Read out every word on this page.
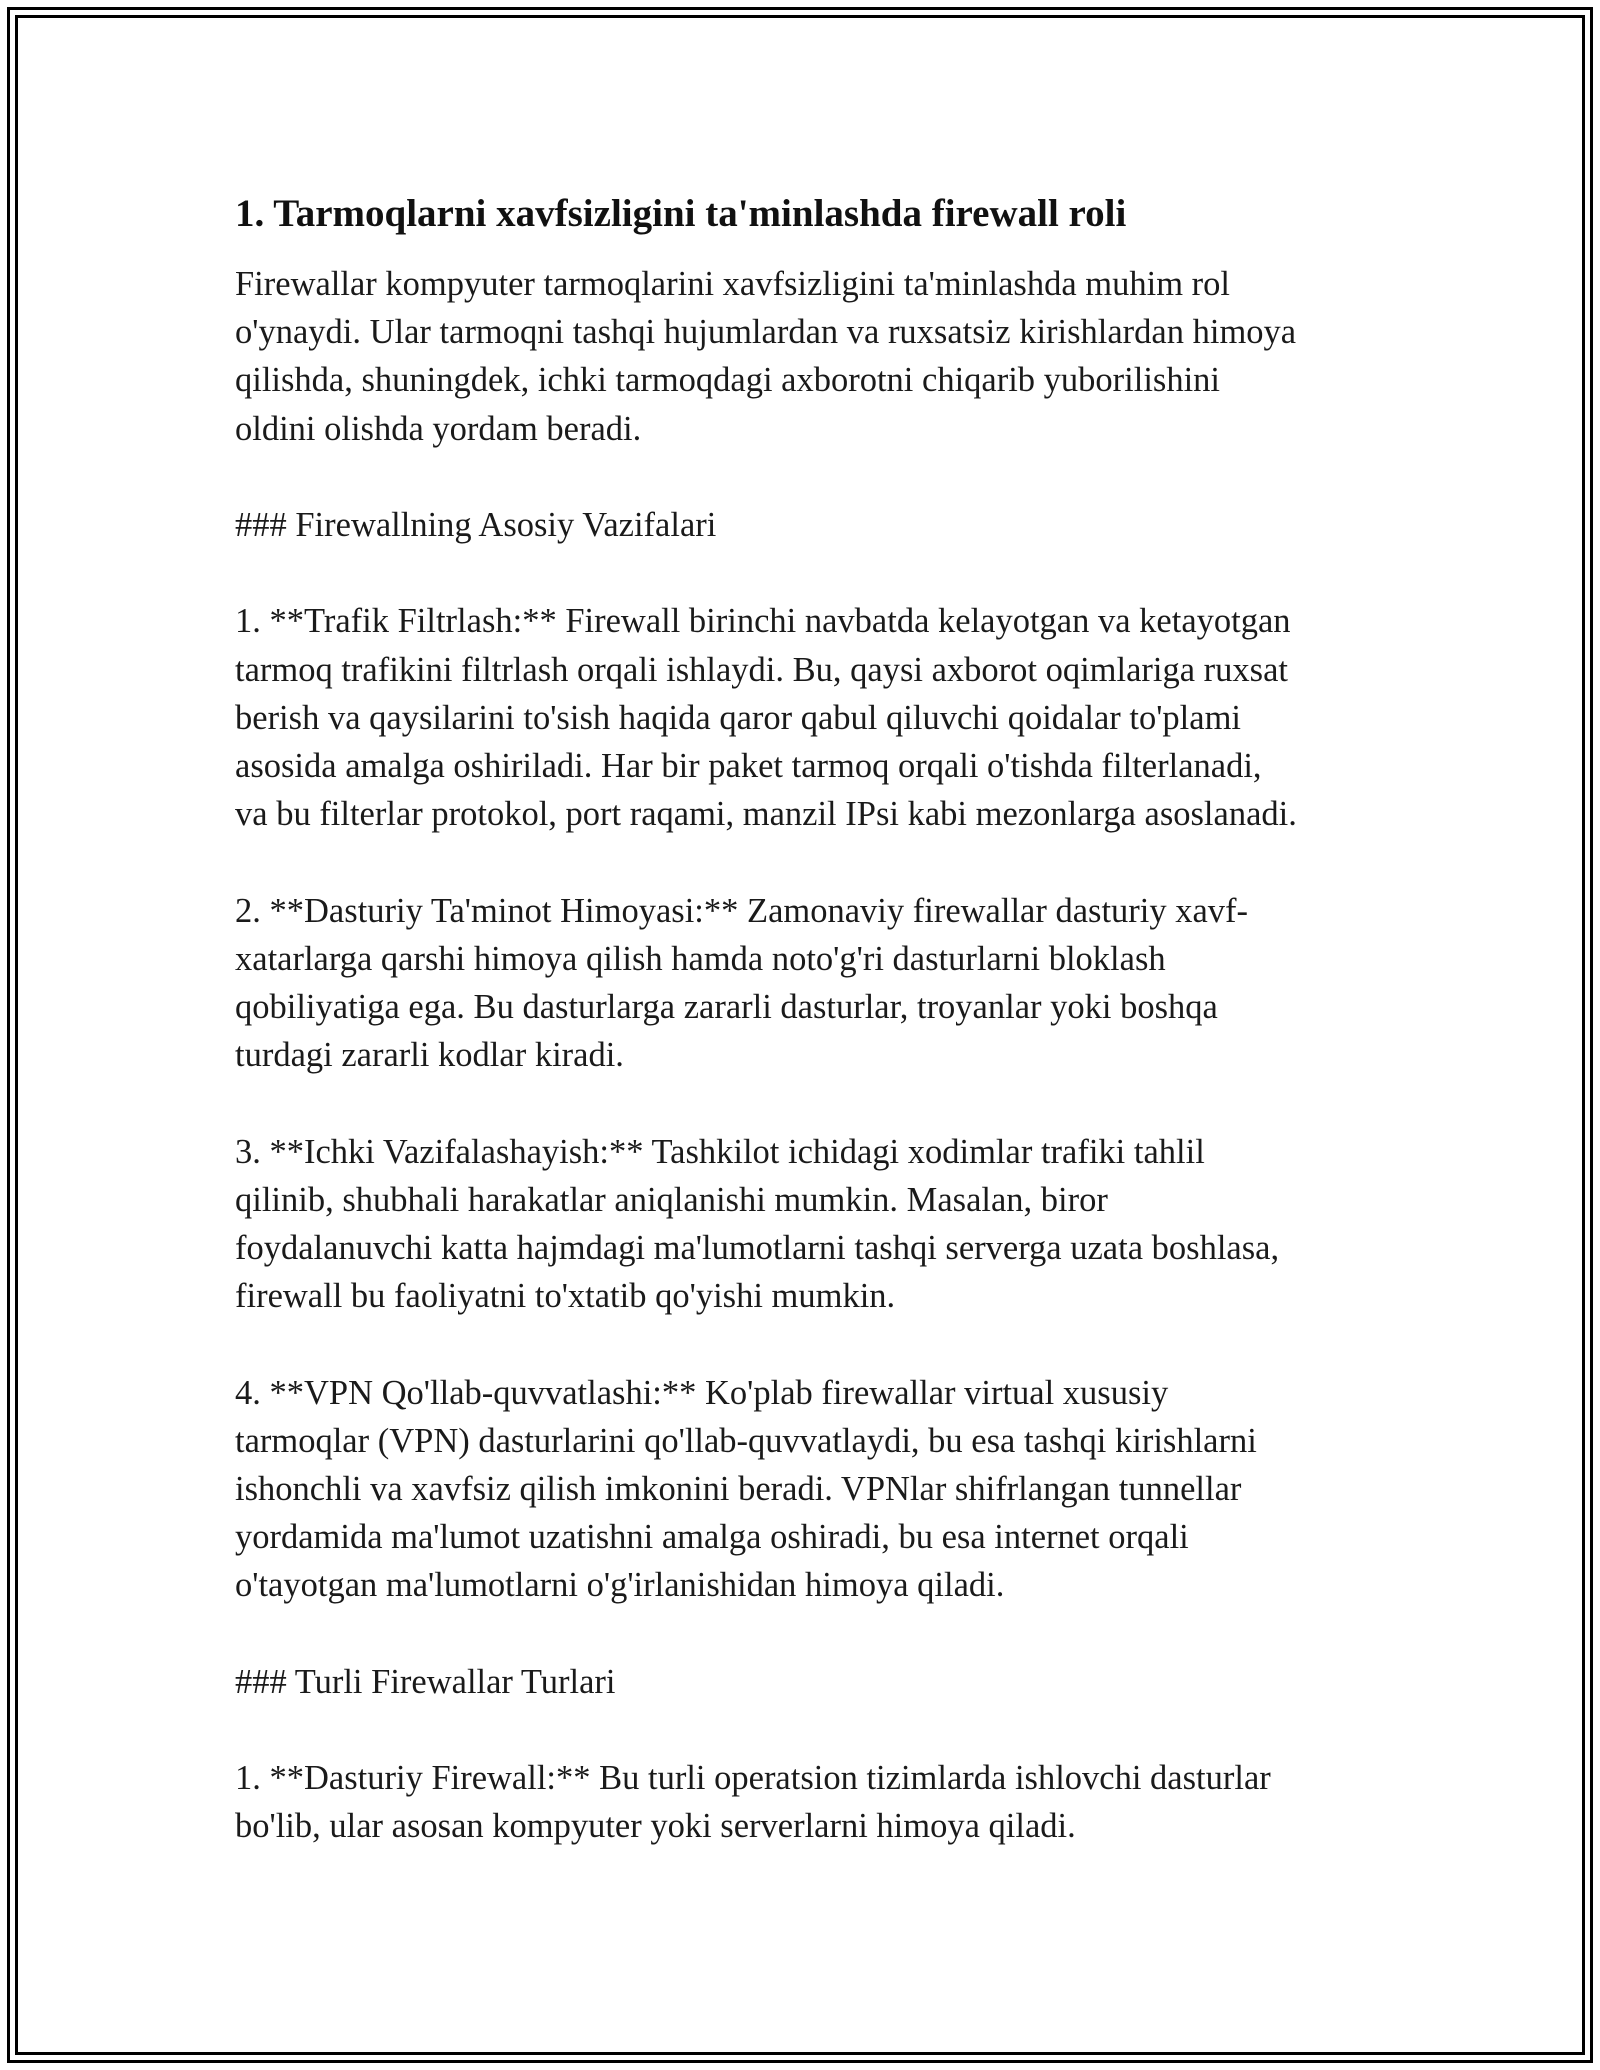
1. Tarmoqlarni xavfsizligini ta'minlashda firewall roli

Firewallar kompyuter tarmoqlarini xavfsizligini ta'minlashda muhim rol

o'ynaydi. Ular tarmoqni tashqi hujumlardan va ruxsatsiz kirishlardan himoya

qilishda, shuningdek, ichki tarmoqdagi axborotni chiqarib yuborilishini

oldini olishda yordam beradi.

### Firewallning Asosiy Vazifalari

1. **Trafik Filtrlash:** Firewall birinchi navbatda kelayotgan va ketayotgan

tarmoq trafikini filtrlash orqali ishlaydi. Bu, qaysi axborot oqimlariga ruxsat

berish va qaysilarini to'sish haqida qaror qabul qiluvchi qoidalar to'plami

asosida amalga oshiriladi. Har bir paket tarmoq orqali o'tishda filterlanadi,

va bu filterlar protokol, port raqami, manzil IPsi kabi mezonlarga asoslanadi.

2. **Dasturiy Ta'minot Himoyasi:** Zamonaviy firewallar dasturiy xavf-

xatarlarga qarshi himoya qilish hamda noto'g'ri dasturlarni bloklash

qobiliyatiga ega. Bu dasturlarga zararli dasturlar, troyanlar yoki boshqa

turdagi zararli kodlar kiradi.

3. **Ichki Vazifalashayish:** Tashkilot ichidagi xodimlar trafiki tahlil

qilinib, shubhali harakatlar aniqlanishi mumkin. Masalan, biror

foydalanuvchi katta hajmdagi ma'lumotlarni tashqi serverga uzata boshlasa,

firewall bu faoliyatni to'xtatib qo'yishi mumkin.

4. **VPN Qo'llab-quvvatlashi:** Ko'plab firewallar virtual xususiy

tarmoqlar (VPN) dasturlarini qo'llab-quvvatlaydi, bu esa tashqi kirishlarni

ishonchli va xavfsiz qilish imkonini beradi. VPNlar shifrlangan tunnellar

yordamida ma'lumot uzatishni amalga oshiradi, bu esa internet orqali

o'tayotgan ma'lumotlarni o'g'irlanishidan himoya qiladi.

### Turli Firewallar Turlari

1. **Dasturiy Firewall:** Bu turli operatsion tizimlarda ishlovchi dasturlar

bo'lib, ular asosan kompyuter yoki serverlarni himoya qiladi.
